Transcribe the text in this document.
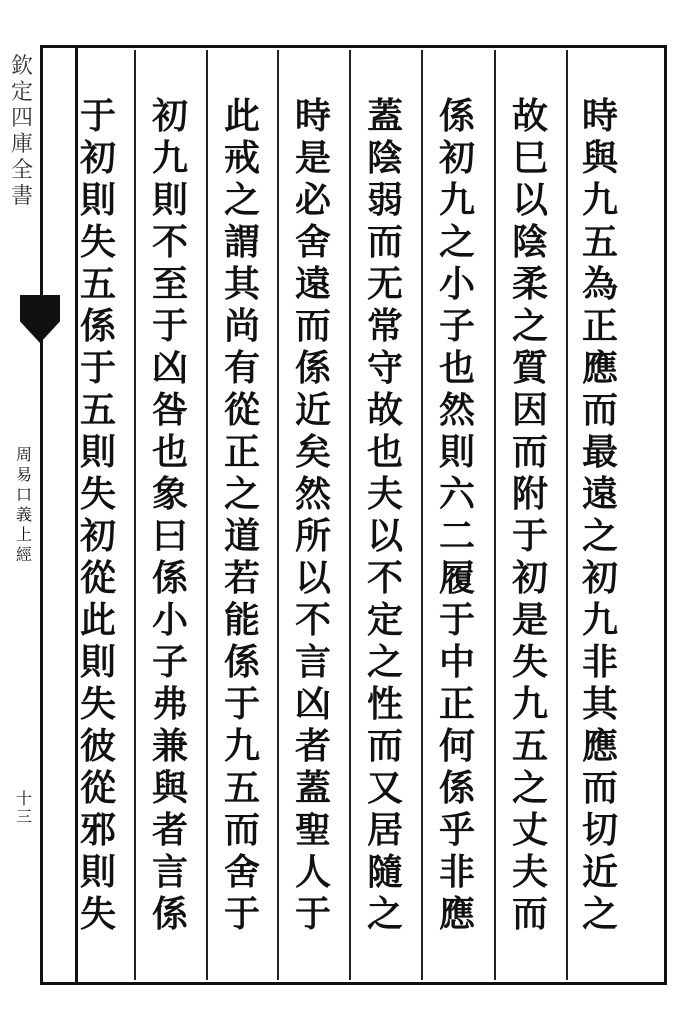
欽
定
四
庫
全
書
周
易
口
義
上
經
十
三
時
與
九
五
為
正
應
而
最
遠
之
初
九
非
其
應
而
切
近
之
故
巳
以
陰
柔
之
質
因
而
附
于
初
是
失
九
五
之
丈
夫
而
係
初
九
之
小
子
也
然
則
六
二
履
于
中
正
何
係
乎
非
應
蓋
陰
弱
而
无
常
守
故
也
夫
以
不
定
之
性
而
又
居
隨
之
時
是
必
舍
遠
而
係
近
矣
然
所
以
不
言
凶
者
蓋
聖
人
于
此
戒
之
謂
其
尚
有
從
正
之
道
若
能
係
于
九
五
而
舍
于
初
九
則
不
至
于
凶
咎
也
象
曰
係
小
子
弗
兼
與
者
言
係
于
初
則
失
五
係
于
五
則
失
初
從
此
則
失
彼
從
邪
則
失
